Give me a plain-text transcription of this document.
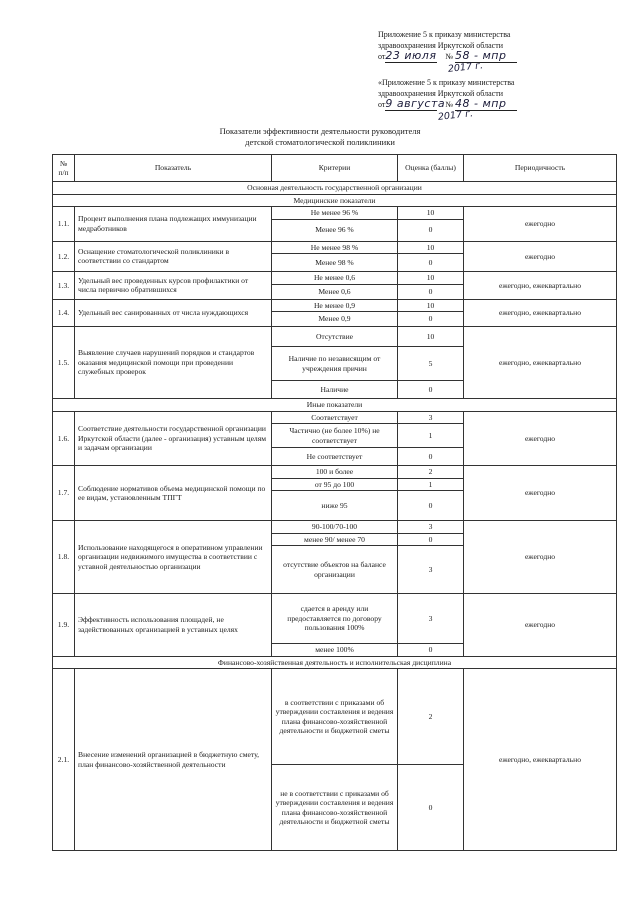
Приложение 5 к приказу министерства
здравоохранения Иркутской области
от23 июля № 58 - мпр
2017 г.
«Приложение 5 к приказу министерства
здравоохранения Иркутской области
от9 августа № 48 - мпр
2017 г.
Показатели эффективности деятельности руководителя
детской стоматологической поликлиники
№ п/п	Показатель	Критерии	Оценка (баллы)	Периодичность
Основная деятельность государственной организации				
Медицинские показатели				
1.1.	Процент выполнения плана подлежащих иммунизации медработников	Не менее 96 %	10	ежегодно
		Менее 96 %	0	
1.2.	Оснащение стоматологической поликлиники в соответствии со стандартом	Не менее 98 %	10	ежегодно
		Менее 98 %	0	
1.3.	Удельный вес проведенных курсов профилактики от числа первично обратившихся	Не менее 0,6	10	ежегодно, ежеквартально
		Менее 0,6	0	
1.4.	Удельный вес санированных от числа нуждающихся	Не менее 0,9	10	ежегодно, ежеквартально
		Менее 0,9	0	
1.5.	Выявление случаев нарушений порядков и стандартов оказания медицинской помощи при проведении служебных проверок	Отсутствие	10	ежегодно, ежеквартально
		Наличие по независящим от учреждения причин	5	
		Наличие	0	
Иные показатели				
1.6.	Соответствие деятельности государственной организации Иркутской области (далее - организация) уставным целям и задачам организации	Соответствует	3	ежегодно
		Частично (не более 10%) не соответствует	1	
		Не соответствует	0	
1.7.	Соблюдение нормативов объема медицинской помощи по ее видам, установленным ТПГТ	100 и более	2	ежегодно
		от 95 до 100	1	
		ниже 95	0	
1.8.	Использование находящегося в оперативном управлении организации недвижимого имущества в соответствии с уставной деятельностью организации	90-100/70-100	3	ежегодно
		менее 90/ менее 70	0	
		отсутствие объектов на балансе организации	3	
1.9.	Эффективность использования площадей, не задействованных организацией в уставных целях	сдается в аренду или предоставляется по договору пользования 100%	3	ежегодно
		менее 100%	0	
Финансово-хозяйственная деятельность и исполнительская дисциплина				
2.1.	Внесение изменений организацией в бюджетную смету, план финансово-хозяйственной деятельности	в соответствии с приказами об утверждении составления и ведения плана финансово-хозяйственной деятельности и бюджетной сметы	2	ежегодно, ежеквартально
		не в соответствии с приказами об утверждении составления и ведения плана финансово-хозяйственной деятельности и бюджетной сметы	0	
